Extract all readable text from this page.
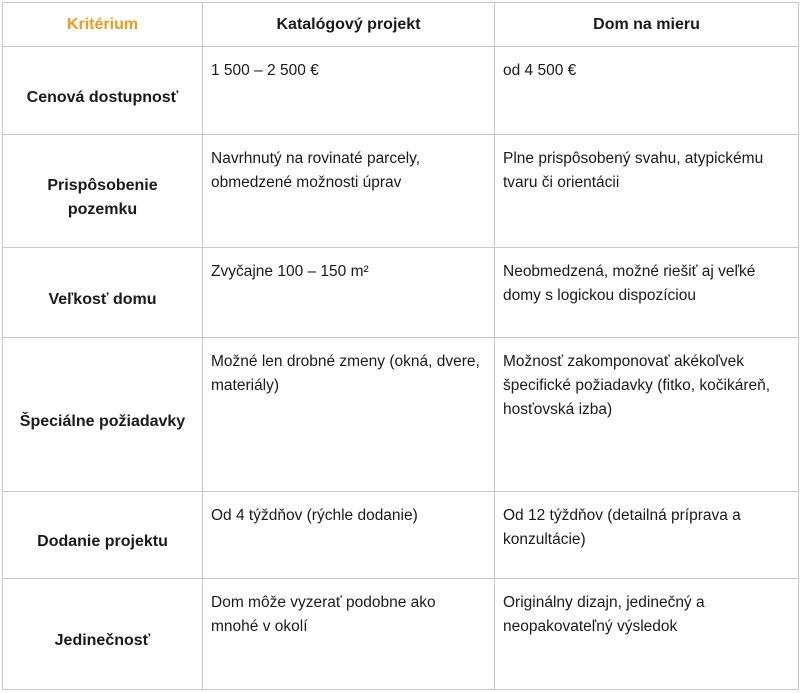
Kritérium	Katalógový projekt	Dom na mieru
Cenová dostupnosť	1 500 – 2 500 €	od 4 500 €
Prispôsobenie pozemku	Navrhnutý na rovinaté parcely, obmedzené možnosti úprav	Plne prispôsobený svahu, atypickému tvaru či orientácii
Veľkosť domu	Zvyčajne 100 – 150 m²	Neobmedzená, možné riešiť aj veľké domy s logickou dispozíciou
Špeciálne požiadavky	Možné len drobné zmeny (okná, dvere, materiály)	Možnosť zakomponovať akékoľvek špecifické požiadavky (fitko, kočikáreň, hosťovská izba)
Dodanie projektu	Od 4 týždňov (rýchle dodanie)	Od 12 týždňov (detailná príprava a konzultácie)
Jedinečnosť	Dom môže vyzerať podobne ako mnohé v okolí	Originálny dizajn, jedinečný a neopakovateľný výsledok
